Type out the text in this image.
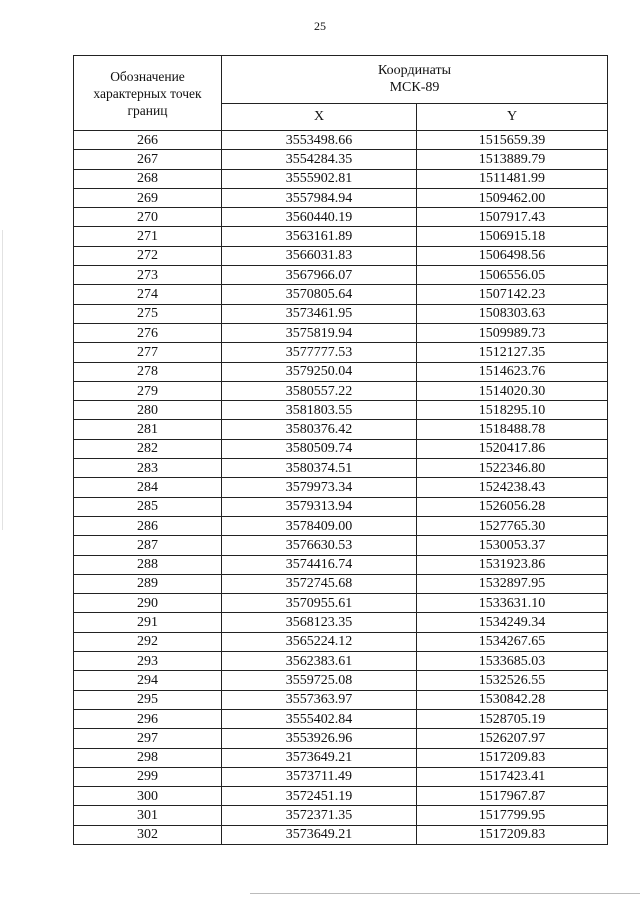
25
Обозначение
характерных точек
границ	Координаты
МСК-89	

	X	Y
266	3553498.66	1515659.39
267	3554284.35	1513889.79
268	3555902.81	1511481.99
269	3557984.94	1509462.00
270	3560440.19	1507917.43
271	3563161.89	1506915.18
272	3566031.83	1506498.56
273	3567966.07	1506556.05
274	3570805.64	1507142.23
275	3573461.95	1508303.63
276	3575819.94	1509989.73
277	3577777.53	1512127.35
278	3579250.04	1514623.76
279	3580557.22	1514020.30
280	3581803.55	1518295.10
281	3580376.42	1518488.78
282	3580509.74	1520417.86
283	3580374.51	1522346.80
284	3579973.34	1524238.43
285	3579313.94	1526056.28
286	3578409.00	1527765.30
287	3576630.53	1530053.37
288	3574416.74	1531923.86
289	3572745.68	1532897.95
290	3570955.61	1533631.10
291	3568123.35	1534249.34
292	3565224.12	1534267.65
293	3562383.61	1533685.03
294	3559725.08	1532526.55
295	3557363.97	1530842.28
296	3555402.84	1528705.19
297	3553926.96	1526207.97
298	3573649.21	1517209.83
299	3573711.49	1517423.41
300	3572451.19	1517967.87
301	3572371.35	1517799.95
302	3573649.21	1517209.83
